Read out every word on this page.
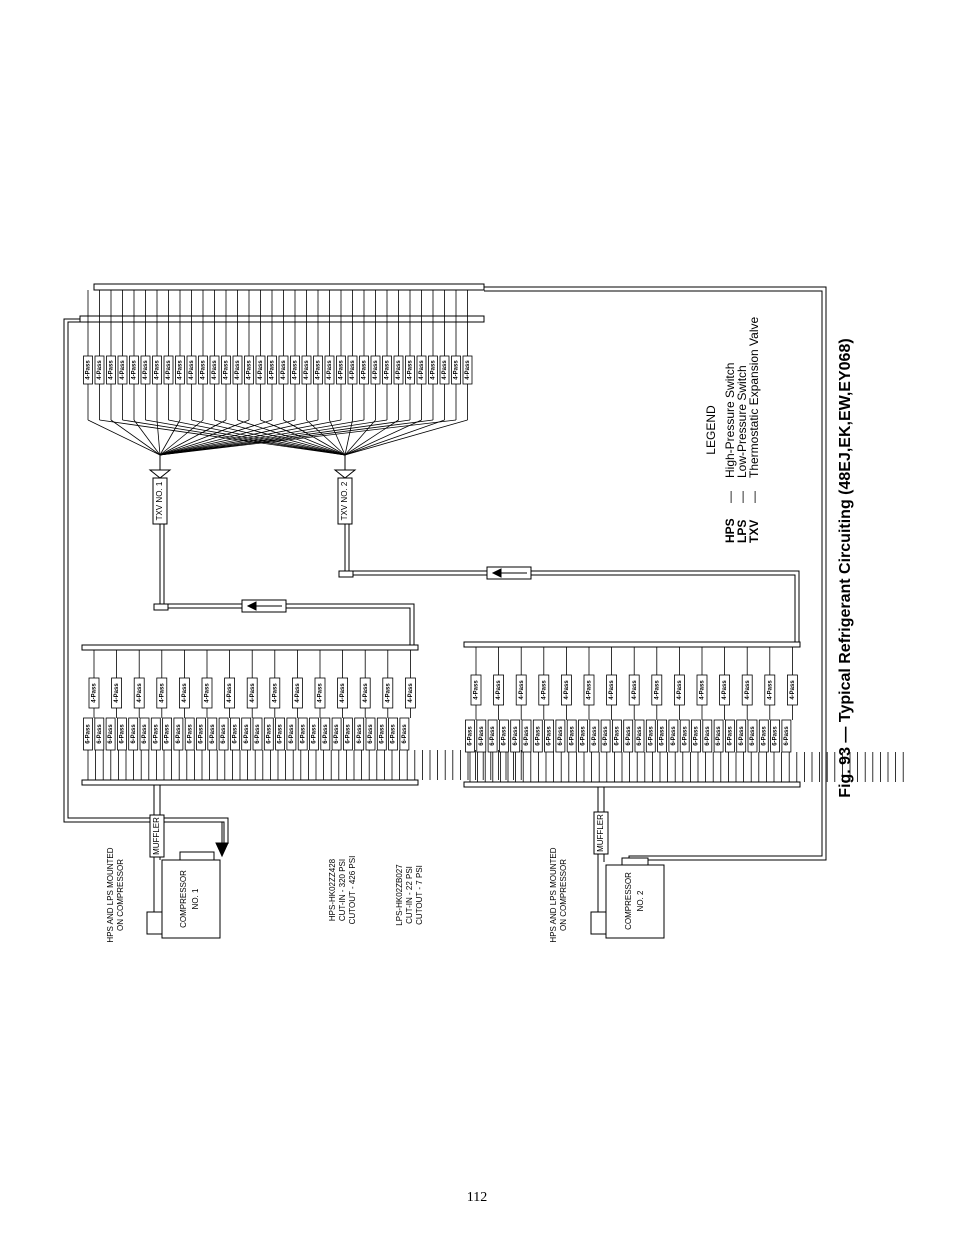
4-Pass 4-Pass 4-Pass 4-Pass 4-Pass 4-Pass 4-Pass 4-Pass 4-Pass 4-Pass 4-Pass 4-Pass 4-Pass 4-Pass 4-Pass 4-Pass 4-Pass 4-Pass 4-Pass 4-Pass 4-Pass 4-Pass 4-Pass 4-Pass 4-Pass 4-Pass 4-Pass 4-Pass 4-Pass 4-Pass 4-Pass 4-Pass 4-Pass 4-Pass
6-Pass 6-Pass 6-Pass 6-Pass 6-Pass 6-Pass 6-Pass 6-Pass 6-Pass 6-Pass 6-Pass 6-Pass 6-Pass 6-Pass 6-Pass 6-Pass 6-Pass 6-Pass 6-Pass 6-Pass 6-Pass 6-Pass 6-Pass 6-Pass 6-Pass 6-Pass 6-Pass 6-Pass 6-Pass
4-Pass	4-Pass	4-Pass	4-Pass	4-Pass	4-Pass	4-Pass	4-Pass	4-Pass	4-Pass	4-Pass	4-Pass	4-Pass	4-Pass	4-Pass
6-Pass 6-Pass 6-Pass 6-Pass 6-Pass 6-Pass 6-Pass 6-Pass 6-Pass 6-Pass 6-Pass 6-Pass 6-Pass 6-Pass 6-Pass 6-Pass 6-Pass 6-Pass 6-Pass 6-Pass 6-Pass 6-Pass 6-Pass 6-Pass 6-Pass 6-Pass 6-Pass 6-Pass 6-Pass
4-Pass	4-Pass	4-Pass	4-Pass	4-Pass	4-Pass	4-Pass	4-Pass	4-Pass	4-Pass	4-Pass	4-Pass	4-Pass	4-Pass	4-Pass
TXV NO. 1	TXV NO. 2
MUFFLER	MUFFLER
COMPRESSOR NO. 1	COMPRESSOR NO. 2
HPS AND LPS MOUNTED ON COMPRESSOR	HPS AND LPS MOUNTED ON COMPRESSOR
HPS-HK02ZZ428 CUT-IN - 320 PSI CUTOUT - 426 PSI	LPS-HK02ZB027 CUT-IN - 22 PSI CUTOUT - 7 PSI
LEGEND
HPS
—
High-Pressure Switch
LPS
—
Low-Pressure Switch
TXV
—
Thermostatic Expansion Valve	Fig. 93 — Typical Refrigerant Circuiting (48EJ,EK,EW,EY068)
112
